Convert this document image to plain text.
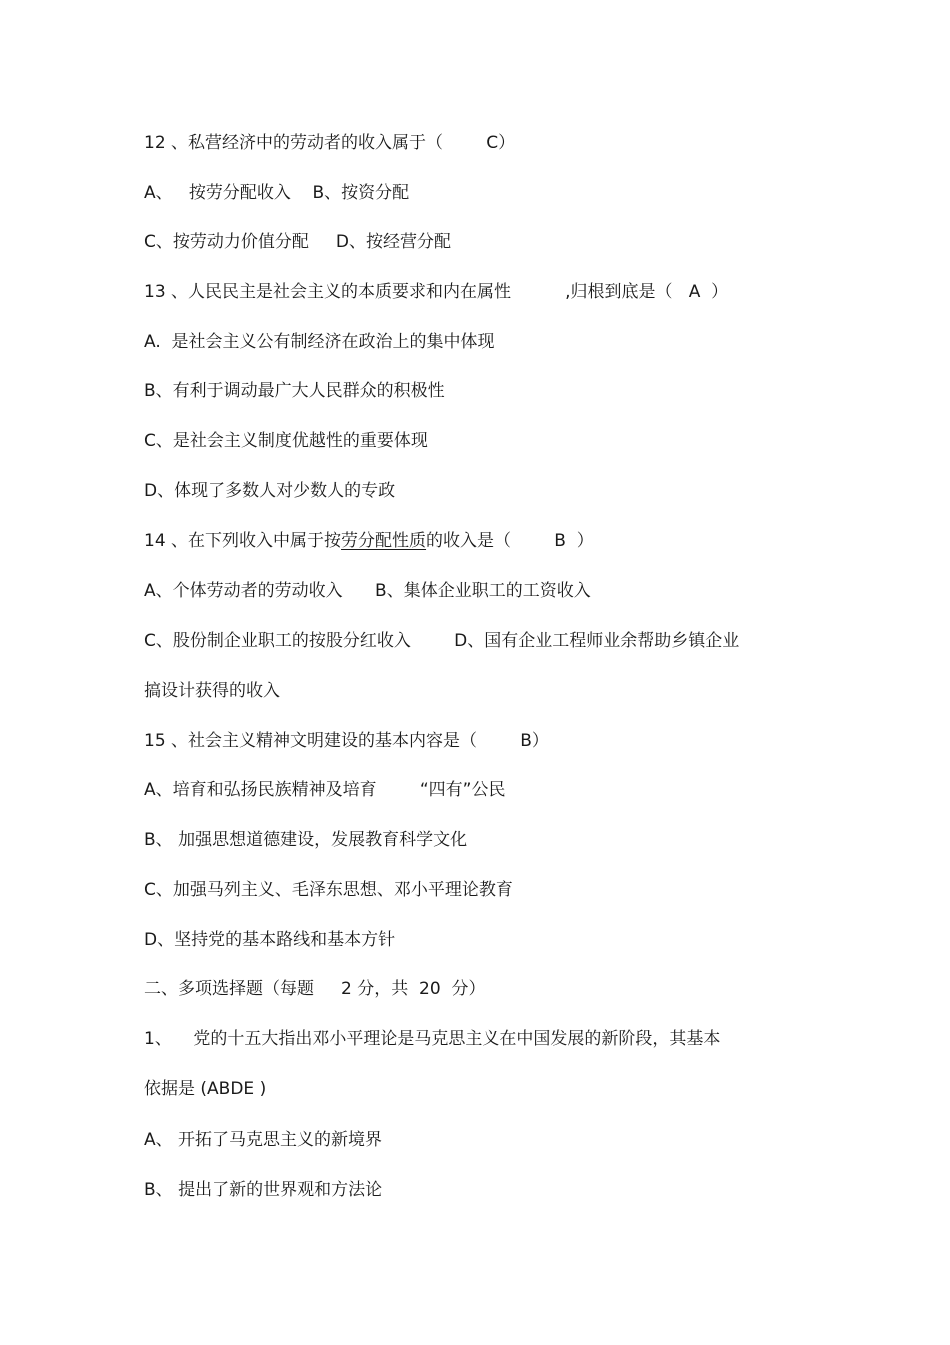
12 、私营经济中的劳动者的收入属于（        C）

A、   按劳分配收入    B、按资分配

C、按劳动力价值分配     D、按经营分配

13 、人民民主是社会主义的本质要求和内在属性          ,归根到底是（   A  ）

A.  是社会主义公有制经济在政治上的集中体现

B、有利于调动最广大人民群众的积极性

C、是社会主义制度优越性的重要体现

D、体现了多数人对少数人的专政

14 、在下列收入中属于按劳分配性质的收入是（        B  ）

A、个体劳动者的劳动收入      B、集体企业职工的工资收入

C、股份制企业职工的按股分红收入        D、国有企业工程师业余帮助乡镇企业

搞设计获得的收入

15 、社会主义精神文明建设的基本内容是（        B）

A、培育和弘扬民族精神及培育        “四有”公民

B、 加强思想道德建设，发展教育科学文化

C、加强马列主义、毛泽东思想、邓小平理论教育

D、坚持党的基本路线和基本方针

二、多项选择题（每题     2 分，共  20  分）

1、    党的十五大指出邓小平理论是马克思主义在中国发展的新阶段，其基本

依据是 (ABDE )

A、 开拓了马克思主义的新境界

B、 提出了新的世界观和方法论
